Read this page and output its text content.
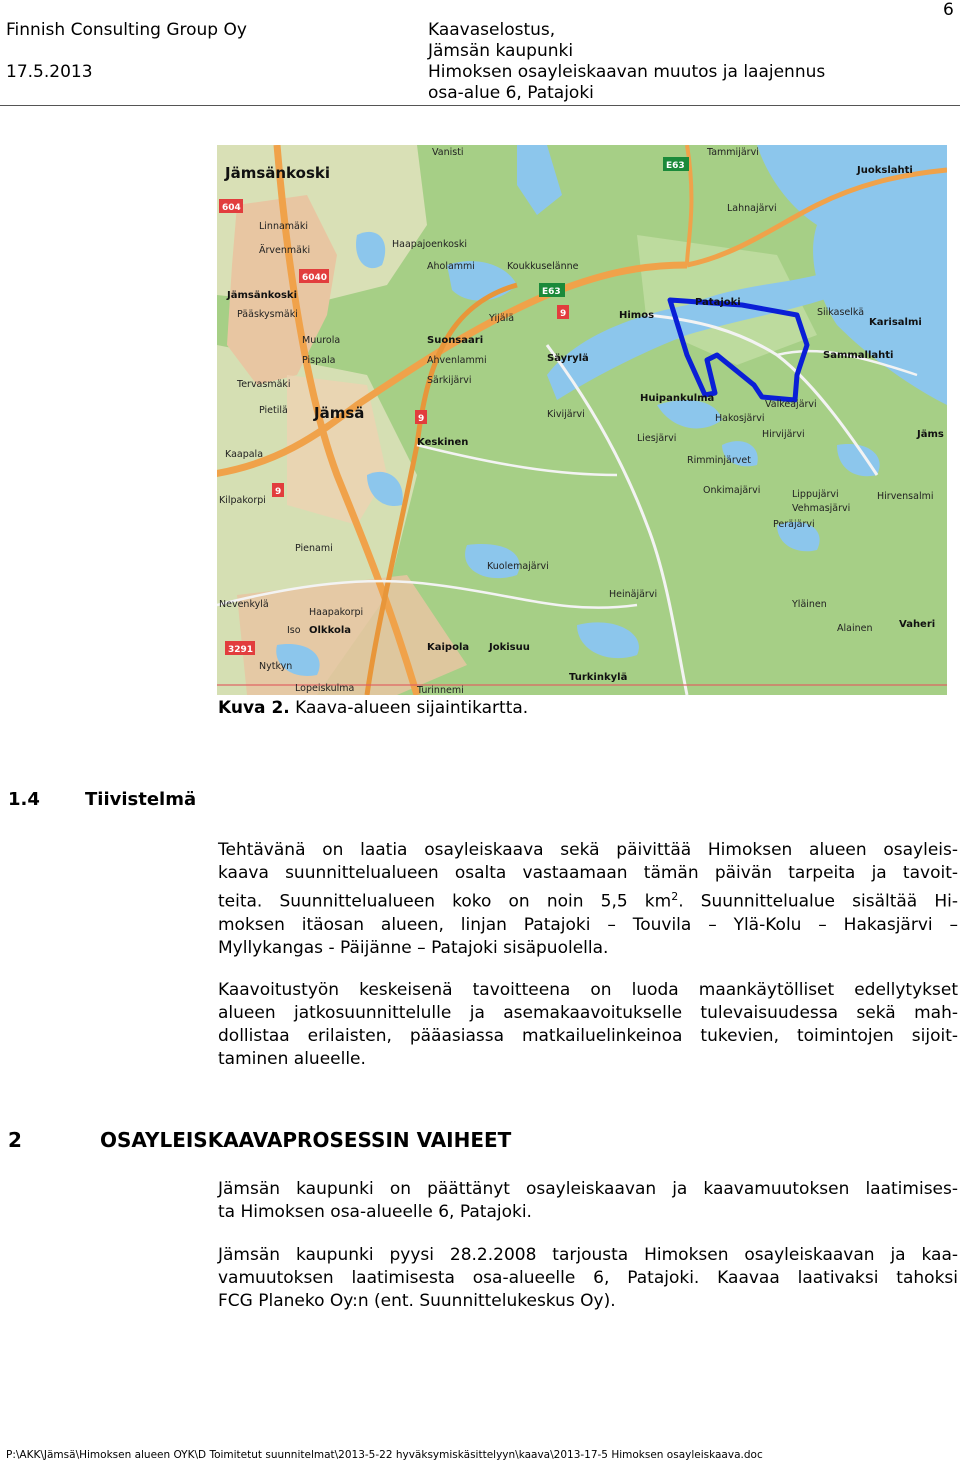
Finnish Consulting Group Oy
17.5.2013
Kaavaselostus,
Jämsän kaupunki
Himoksen osayleiskaavan muutos ja laajennus
osa-alue 6, Patajoki
6
604
6040
3291
9
9
9
E63
E63
Jämsänkoski
Jämsä
Jämsänkoski
Himos
Patajoki
Säyrylä
Huipankulma
Sammallahti
Suonsaari
Keskinen
Jokisuu
Kaipola
Olkkola
Turkinkylä
Vaheri
Juokslahti
Karisalmi
Jäms
Linnamäki
Ärvenmäki
Pääskysmäki
Muurola
Pispala
Tervasmäki
Pietilä
Kaapala
Kilpakorpi
Pienami
Nevenkylä
Haapakorpi
Iso
Nytkyn
Lopeiskulma
Kuolemajärvi
Yijälä
Ahvenlammi
Särkijärvi
Kivijärvi	Hakosjärvi
Liesjärvi
Rimminjärvet
Hirvijärvi
Onkimajärvi	Lippujärvi
Vehmasjärvi
Peräjärvi
Hirvensalmi
Lahnajärvi
Haapajoenkoski
Koukkuselänne
Aholammi
Vanisti
Turinnemi
Heinäjärvi
Yläinen
Alainen
Tammijärvi
Valkeajärvi
Siikaselkä
Kuva 2. Kaava-alueen sijaintikartta.
1.4	Tiivistelmä
Tehtävänä on laatia osayleiskaava sekä päivittää Himoksen alueen osayleis-
kaava suunnittelualueen osalta vastaamaan tämän päivän tarpeita ja tavoit-
teita. Suunnittelualueen koko on noin 5,5 $km^2$. Suunnittelualue sisältää Hi-
moksen itäosan alueen, linjan Patajoki – Touvila – Ylä-Kolu – Hakasjärvi –
Myllykangas - Päijänne – Patajoki sisäpuolella.
Kaavoitustyön keskeisenä tavoitteena on luoda maankäytölliset edellytykset
alueen jatkosuunnittelulle ja asemakaavoitukselle tulevaisuudessa sekä mah-
dollistaa erilaisten, pääasiassa matkailuelinkeinoa tukevien, toimintojen sijoit-
taminen alueelle.
2	OSAYLEISKAAVAPROSESSIN VAIHEET
Jämsän kaupunki on päättänyt osayleiskaavan ja kaavamuutoksen laatimises-
ta Himoksen osa-alueelle 6, Patajoki.
Jämsän kaupunki pyysi 28.2.2008 tarjousta Himoksen osayleiskaavan ja kaa-
vamuutoksen laatimisesta osa-alueelle 6, Patajoki. Kaavaa laativaksi tahoksi
FCG Planeko Oy:n (ent. Suunnittelukeskus Oy).
P:\AKK\Jämsä\Himoksen alueen OYK\D Toimitetut suunnitelmat\2013-5-22 hyväksymiskäsittelyyn\kaava\2013-17-5 Himoksen osayleiskaava.doc
